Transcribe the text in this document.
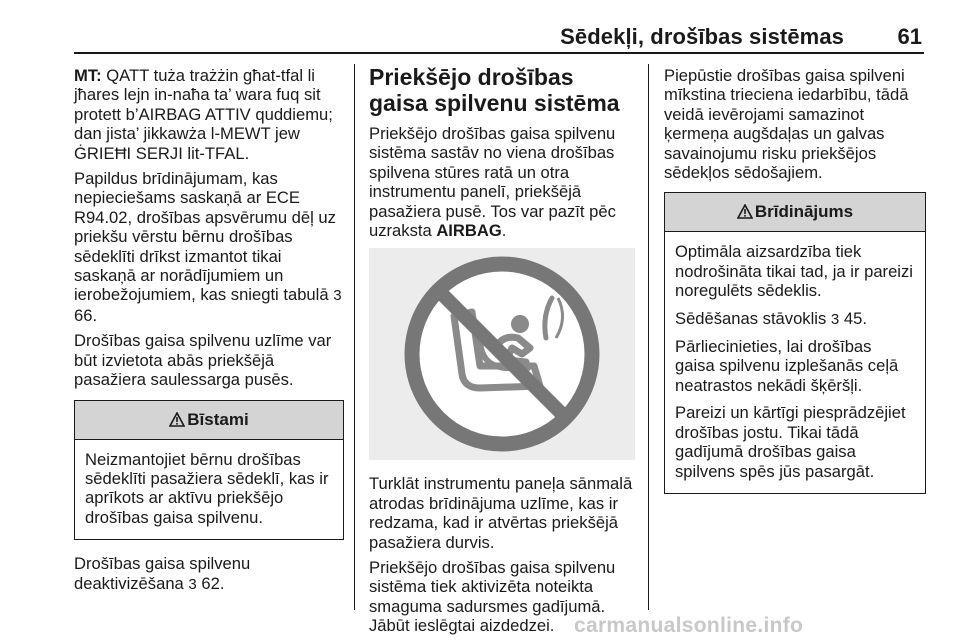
Sēdekļi, drošības sistēmas 61

MT: QATT tuża trażżin għat-tfal li jħares lejn in-naħa ta’ wara fuq sit protett b’AIRBAG ATTIV quddiemu; dan jista’ jikkawża l-MEWT jew ĠRIEĦI SERJI lit-TFAL.

Papildus brīdinājumam, kas nepieciešams saskaņā ar ECE R94.02, drošības apsvērumu dēļ uz priekšu vērstu bērnu drošības sēdeklīti drīkst izmantot tikai saskaņā ar norādījumiem un ierobežojumiem, kas sniegti tabulā 3 66.

Drošības gaisa spilvenu uzlīme var būt izvietota abās priekšējā pasažiera saulessarga pusēs.

Bīstami

Neizmantojiet bērnu drošības sēdeklīti pasažiera sēdeklī, kas ir aprīkots ar aktīvu priekšējo drošības gaisa spilvenu.

Drošības gaisa spilvenu deaktivizēšana 3 62.

Priekšējo drošības gaisa spilvenu sistēma

Priekšējo drošības gaisa spilvenu sistēma sastāv no viena drošības spilvena stūres ratā un otra instrumentu panelī, priekšējā pasažiera pusē. Tos var pazīt pēc uzraksta AIRBAG.

Turklāt instrumentu paneļa sānmalā atrodas brīdinājuma uzlīme, kas ir redzama, kad ir atvērtas priekšējā pasažiera durvis.

Priekšējo drošības gaisa spilvenu sistēma tiek aktivizēta noteikta smaguma sadursmes gadījumā. Jābūt ieslēgtai aizdedzei.

Piepūstie drošības gaisa spilveni mīkstina trieciena iedarbību, tādā veidā ievērojami samazinot ķermeņa augšdaļas un galvas savainojumu risku priekšējos sēdekļos sēdošajiem.

Brīdinājums

Optimāla aizsardzība tiek nodrošināta tikai tad, ja ir pareizi noregulēts sēdeklis.

Sēdēšanas stāvoklis 3 45.

Pārliecinieties, lai drošības gaisa spilvenu izplešanās ceļā neatrastos nekādi šķēršļi.

Pareizi un kārtīgi piesprādzējiet drošības jostu. Tikai tādā gadījumā drošības gaisa spilvens spēs jūs pasargāt.

carmanualsonline.info
